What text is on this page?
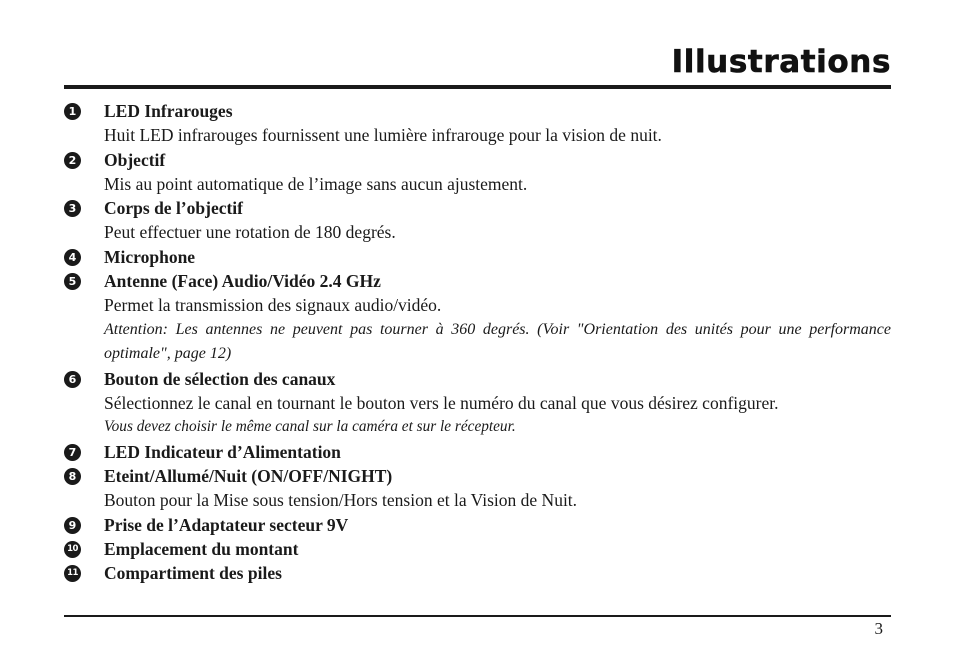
Illustrations
1 LED Infrarouges
Huit LED infrarouges fournissent une lumière infrarouge pour la vision de nuit.
2 Objectif
Mis au point automatique de l’image sans aucun ajustement.
3 Corps de l’objectif
Peut effectuer une rotation de 180 degrés.
4 Microphone
5 Antenne (Face) Audio/Vidéo 2.4 GHz
Permet la transmission des signaux audio/vidéo.
Attention: Les antennes ne peuvent pas tourner à 360 degrés. (Voir "Orientation des unités pour une performance optimale", page 12)
6 Bouton de sélection des canaux
Sélectionnez le canal en tournant le bouton vers le numéro du canal que vous désirez configurer.
Vous devez choisir le même canal sur la caméra et sur le récepteur.
7 LED Indicateur d’Alimentation
8 Eteint/Allumé/Nuit (ON/OFF/NIGHT)
Bouton pour la Mise sous tension/Hors tension et la Vision de Nuit.
9 Prise de l’Adaptateur secteur 9V
10 Emplacement du montant
11 Compartiment des piles
3
